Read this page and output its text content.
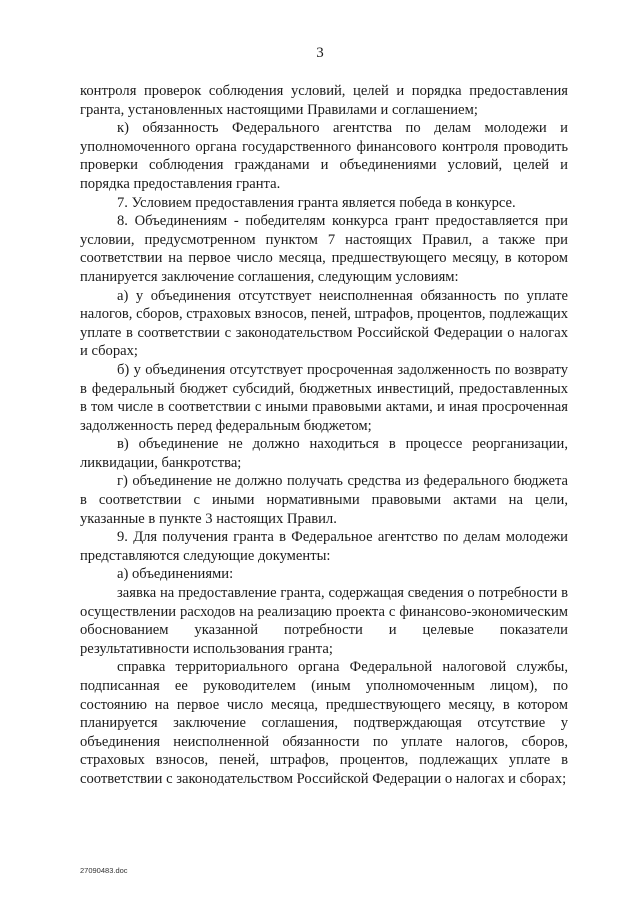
3

контроля проверок соблюдения условий, целей и порядка предоставления гранта, установленных настоящими Правилами и соглашением;

к) обязанность Федерального агентства по делам молодежи и уполномоченного органа государственного финансового контроля проводить проверки соблюдения гражданами и объединениями условий, целей и порядка предоставления гранта.

7. Условием предоставления гранта является победа в конкурсе.

8. Объединениям - победителям конкурса грант предоставляется при условии, предусмотренном пунктом 7 настоящих Правил, а также при соответствии на первое число месяца, предшествующего месяцу, в котором планируется заключение соглашения, следующим условиям:

а) у объединения отсутствует неисполненная обязанность по уплате налогов, сборов, страховых взносов, пеней, штрафов, процентов, подлежащих уплате в соответствии с законодательством Российской Федерации о налогах и сборах;

б) у объединения отсутствует просроченная задолженность по возврату в федеральный бюджет субсидий, бюджетных инвестиций, предоставленных в том числе в соответствии с иными правовыми актами, и иная просроченная задолженность перед федеральным бюджетом;

в) объединение не должно находиться в процессе реорганизации, ликвидации, банкротства;

г) объединение не должно получать средства из федерального бюджета в соответствии с иными нормативными правовыми актами на цели, указанные в пункте 3 настоящих Правил.

9. Для получения гранта в Федеральное агентство по делам молодежи представляются следующие документы:

а) объединениями:

заявка на предоставление гранта, содержащая сведения о потребности в осуществлении расходов на реализацию проекта с финансово-экономическим обоснованием указанной потребности и целевые показатели результативности использования гранта;

справка территориального органа Федеральной налоговой службы, подписанная ее руководителем (иным уполномоченным лицом), по состоянию на первое число месяца, предшествующего месяцу, в котором планируется заключение соглашения, подтверждающая отсутствие у объединения неисполненной обязанности по уплате налогов, сборов, страховых взносов, пеней, штрафов, процентов, подлежащих уплате в соответствии с законодательством Российской Федерации о налогах и сборах;

27090483.doc
